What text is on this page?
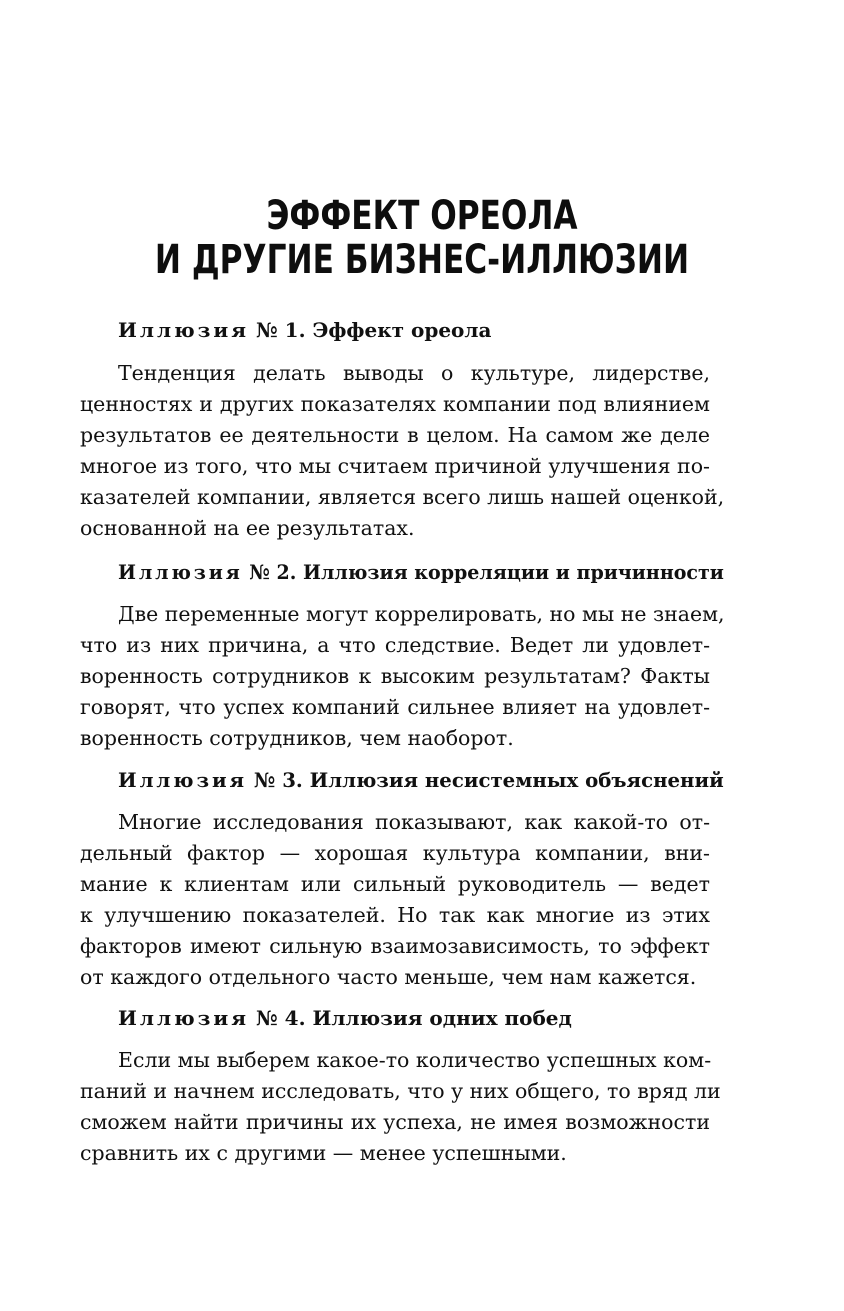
ЭФФЕКТ ОРЕОЛА
И ДРУГИЕ БИЗНЕС-ИЛЛЮЗИИ
Иллюзия № 1. Эффект ореола
Тенденция делать выводы о культуре, лидерстве,
ценностях и других показателях компании под влиянием
результатов ее деятельности в целом. На самом же деле
многое из того, что мы считаем причиной улучшения по-
казателей компании, является всего лишь нашей оценкой,
основанной на ее результатах.
Иллюзия № 2. Иллюзия корреляции и причинности
Две переменные могут коррелировать, но мы не знаем,
что из них причина, а что следствие. Ведет ли удовлет-
воренность сотрудников к высоким результатам? Факты
говорят, что успех компаний сильнее влияет на удовлет-
воренность сотрудников, чем наоборот.
Иллюзия № 3. Иллюзия несистемных объяснений
Многие исследования показывают, как какой-то от-
дельный фактор — хорошая культура компании, вни-
мание к клиентам или сильный руководитель — ведет
к улучшению показателей. Но так как многие из этих
факторов имеют сильную взаимозависимость, то эффект
от каждого отдельного часто меньше, чем нам кажется.
Иллюзия № 4. Иллюзия одних побед
Если мы выберем какое-то количество успешных ком-
паний и начнем исследовать, что у них общего, то вряд ли
сможем найти причины их успеха, не имея возможности
сравнить их с другими — менее успешными.
